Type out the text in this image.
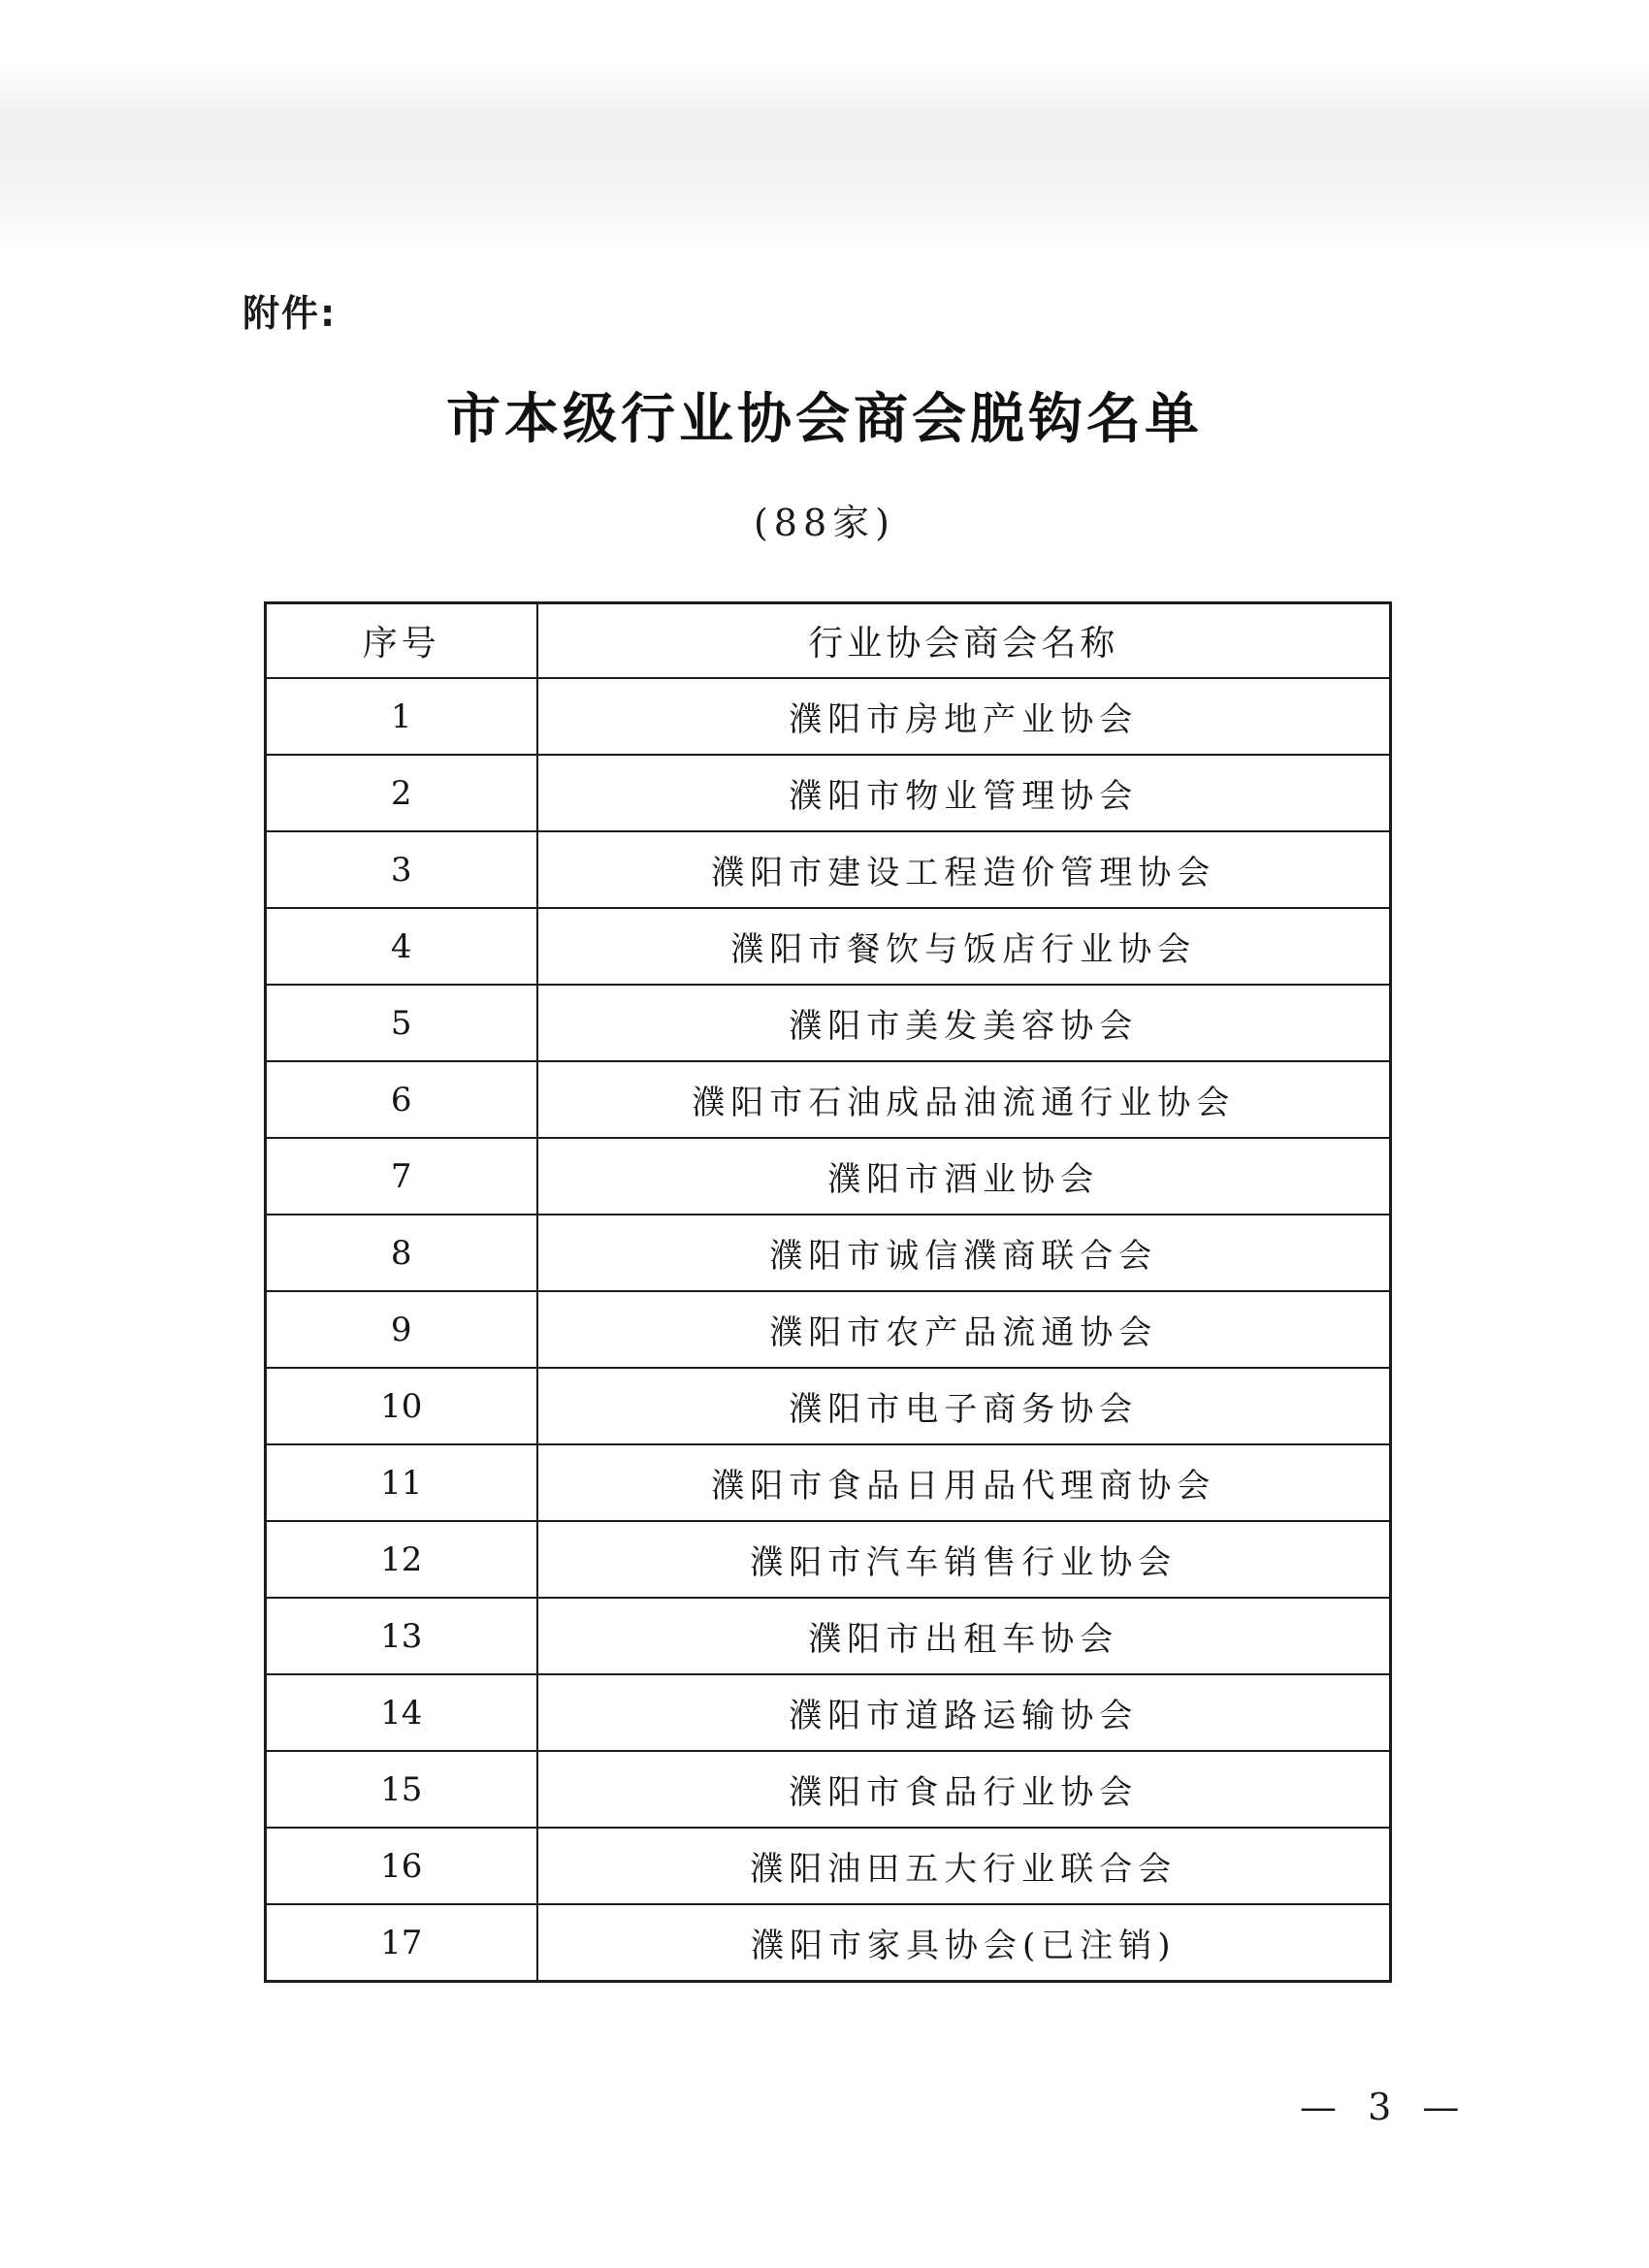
附件:
市本级行业协会商会脱钩名单
(88家)
序号	行业协会商会名称
1	濮阳市房地产业协会
2	濮阳市物业管理协会
3	濮阳市建设工程造价管理协会
4	濮阳市餐饮与饭店行业协会
5	濮阳市美发美容协会
6	濮阳市石油成品油流通行业协会
7	濮阳市酒业协会
8	濮阳市诚信濮商联合会
9	濮阳市农产品流通协会
10	濮阳市电子商务协会
11	濮阳市食品日用品代理商协会
12	濮阳市汽车销售行业协会
13	濮阳市出租车协会
14	濮阳市道路运输协会
15	濮阳市食品行业协会
16	濮阳油田五大行业联合会
17	濮阳市家具协会(已注销)
— 3 —
